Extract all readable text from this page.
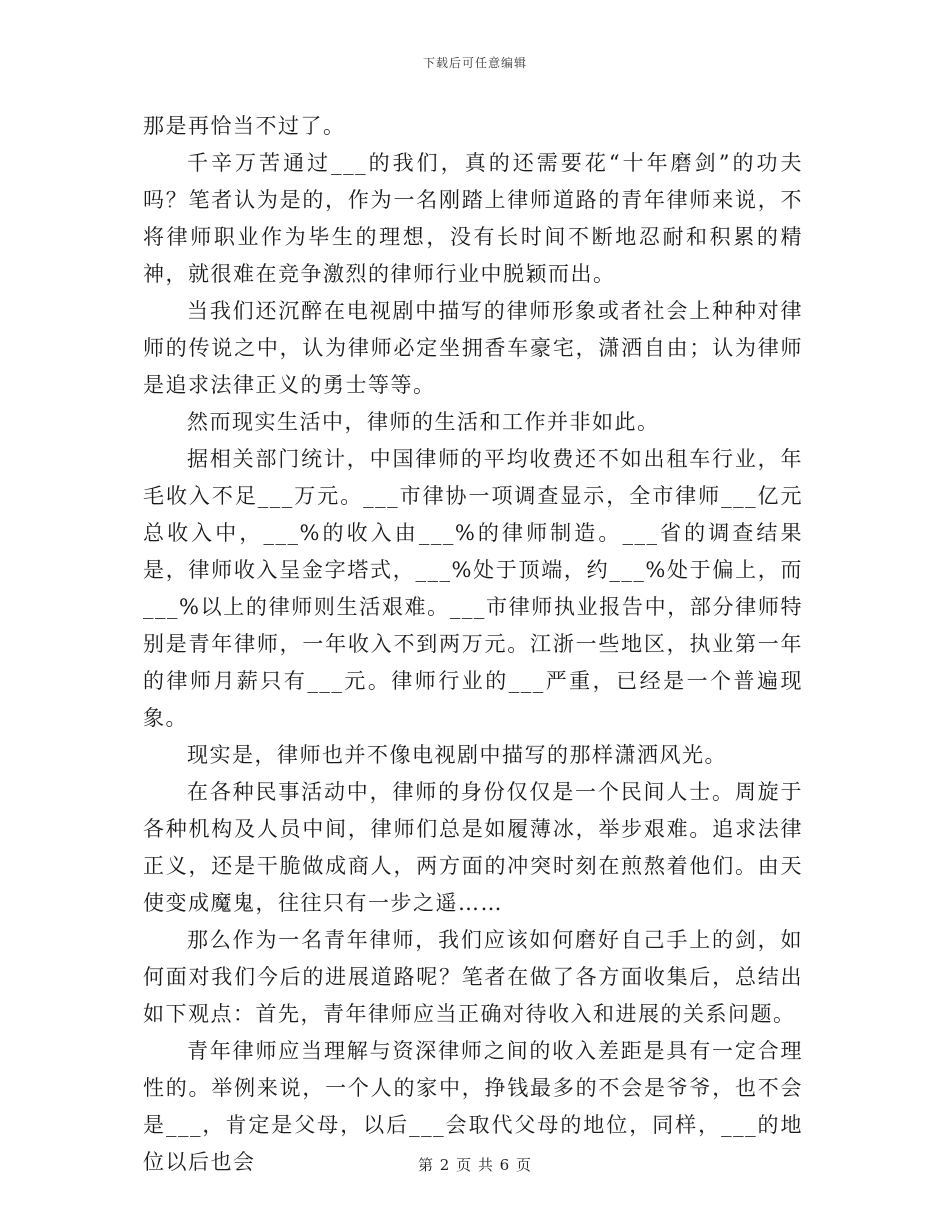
下载后可任意编辑

那是再恰当不过了。

千辛万苦通过___的我们，真的还需要花“十年磨剑”的功夫吗？笔者认为是的，作为一名刚踏上律师道路的青年律师来说，不将律师职业作为毕生的理想，没有长时间不断地忍耐和积累的精神，就很难在竞争激烈的律师行业中脱颖而出。

当我们还沉醉在电视剧中描写的律师形象或者社会上种种对律师的传说之中，认为律师必定坐拥香车豪宅，潇洒自由；认为律师是追求法律正义的勇士等等。

然而现实生活中，律师的生活和工作并非如此。

据相关部门统计，中国律师的平均收费还不如出租车行业，年毛收入不足___万元。___市律协一项调查显示，全市律师___亿元总收入中，___%的收入由___%的律师制造。___省的调查结果是，律师收入呈金字塔式，___%处于顶端，约___%处于偏上，而___%以上的律师则生活艰难。___市律师执业报告中，部分律师特别是青年律师，一年收入不到两万元。江浙一些地区，执业第一年的律师月薪只有___元。律师行业的___严重，已经是一个普遍现象。

现实是，律师也并不像电视剧中描写的那样潇洒风光。

在各种民事活动中，律师的身份仅仅是一个民间人士。周旋于各种机构及人员中间，律师们总是如履薄冰，举步艰难。追求法律正义，还是干脆做成商人，两方面的冲突时刻在煎熬着他们。由天使变成魔鬼，往往只有一步之遥……

那么作为一名青年律师，我们应该如何磨好自己手上的剑，如何面对我们今后的进展道路呢？笔者在做了各方面收集后，总结出如下观点：首先，青年律师应当正确对待收入和进展的关系问题。

青年律师应当理解与资深律师之间的收入差距是具有一定合理性的。举例来说，一个人的家中，挣钱最多的不会是爷爷，也不会是___，肯定是父母，以后___会取代父母的地位，同样，___的地位以后也会	第 2 页 共 6 页
